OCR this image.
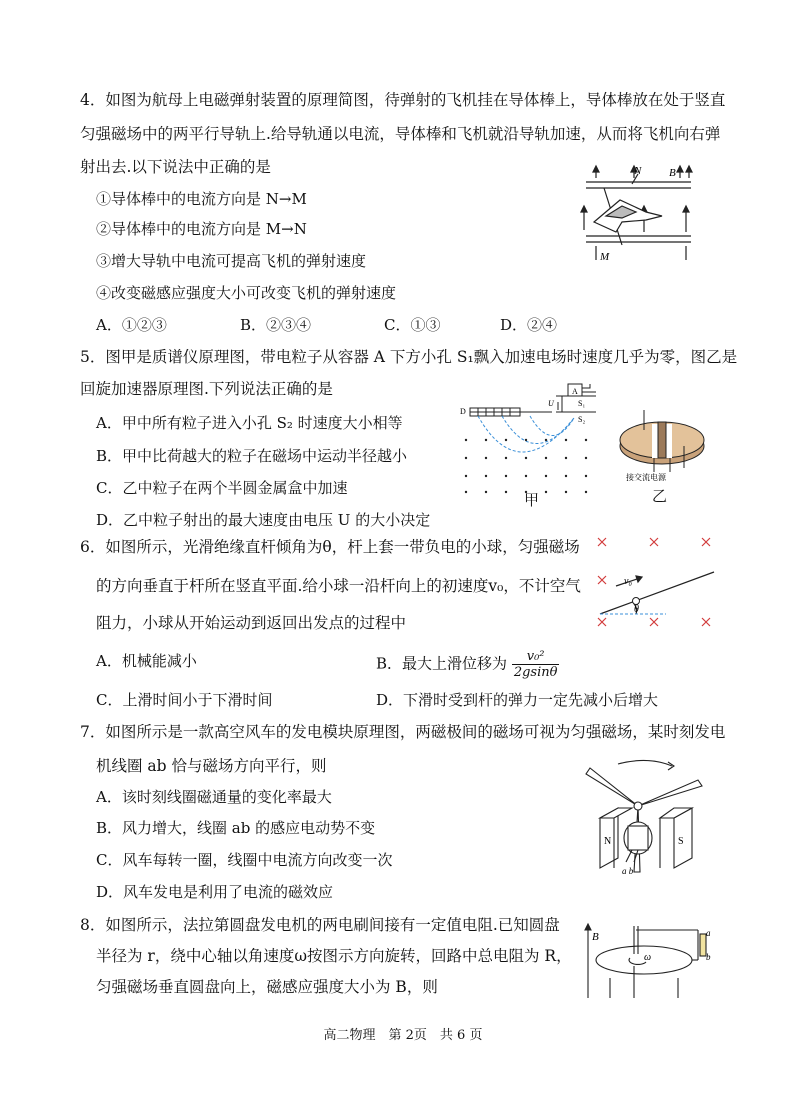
4．如图为航母上电磁弹射装置的原理简图，待弹射的飞机挂在导体棒上，导体棒放在处于竖直
匀强磁场中的两平行导轨上.给导轨通以电流，导体棒和飞机就沿导轨加速，从而将飞机向右弹
射出去.以下说法中正确的是
①导体棒中的电流方向是 N→M
②导体棒中的电流方向是 M→N
③增大导轨中电流可提高飞机的弹射速度
④改变磁感应强度大小可改变飞机的弹射速度
A．①②③	B．②③④	C．①③	D．②④
N
M
B
5．图甲是质谱仪原理图，带电粒子从容器 A 下方小孔 S₁飘入加速电场时速度几乎为零，图乙是
回旋加速器原理图.下列说法正确的是
A．甲中所有粒子进入小孔 S₂ 时速度大小相等
B．甲中比荷越大的粒子在磁场中运动半径越小
C．乙中粒子在两个半圆金属盒中加速
D．乙中粒子射出的最大速度由电压 U 的大小决定
A
U
D
S₁
S₂
甲
接交流电源
乙
6．如图所示，光滑绝缘直杆倾角为θ，杆上套一带负电的小球，匀强磁场
的方向垂直于杆所在竖直平面.给小球一沿杆向上的初速度v₀，不计空气
阻力，小球从开始运动到返回出发点的过程中
A．机械能减小	B．最大上滑位移为 $\frac{\text{v₀²}}{2gsin\theta}$
C．上滑时间小于下滑时间	D．下滑时受到杆的弹力一定先减小后增大
v₀
θ
7．如图所示是一款高空风车的发电模块原理图，两磁极间的磁场可视为匀强磁场，某时刻发电
机线圈 ab 恰与磁场方向平行，则
A．该时刻线圈磁通量的变化率最大
B．风力增大，线圈 ab 的感应电动势不变
C．风车每转一圈，线圈中电流方向改变一次
D．风车发电是利用了电流的磁效应
N	S
a b
8．如图所示，法拉第圆盘发电机的两电刷间接有一定值电阻.已知圆盘
半径为 r，绕中心轴以角速度ω按图示方向旋转，回路中总电阻为 R，
匀强磁场垂直圆盘向上，磁感应强度大小为 B，则
B
ω
a
b
高二物理　第 2页　共 6 页
